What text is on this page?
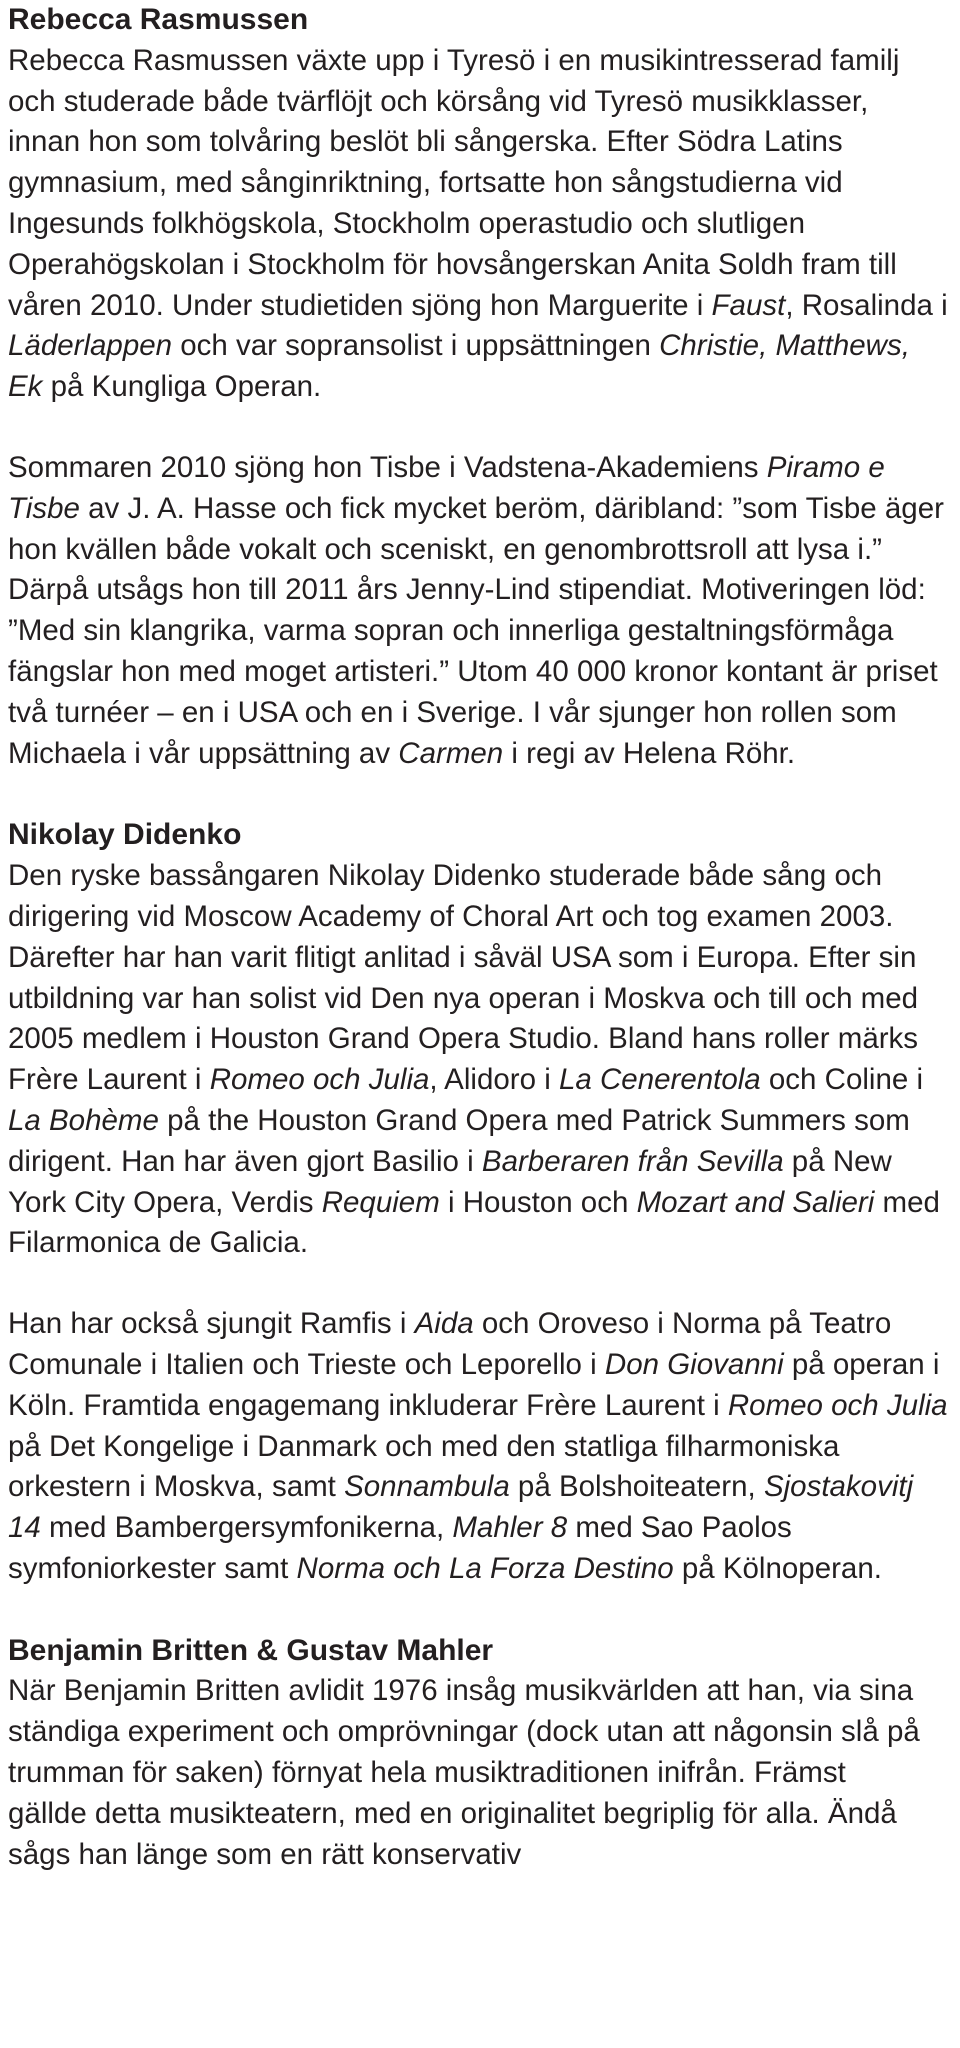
Rebecca Rasmussen

Rebecca Rasmussen växte upp i Tyresö i en musikintresserad familj och studerade både tvärflöjt och körsång vid Tyresö musikklasser, innan hon som tolvåring beslöt bli sångerska. Efter Södra Latins gymnasium, med sånginriktning, fortsatte hon sångstudierna vid Ingesunds folkhögskola, Stockholm operastudio och slutligen Operahögskolan i Stockholm för hovsångerskan Anita Soldh fram till våren 2010. Under studietiden sjöng hon Marguerite i Faust, Rosalinda i Läderlappen och var sopransolist i uppsättningen Christie, Matthews, Ek på Kungliga Operan.

Sommaren 2010 sjöng hon Tisbe i Vadstena-Akademiens Piramo e Tisbe av J. A. Hasse och fick mycket beröm, däribland: ”som Tisbe äger hon kvällen både vokalt och sceniskt, en genombrottsroll att lysa i.” Därpå utsågs hon till 2011 års Jenny-Lind stipendiat. Motiveringen löd: ”Med sin klangrika, varma sopran och innerliga gestaltningsförmåga fängslar hon med moget artisteri.” Utom 40 000 kronor kontant är priset två turnéer – en i USA och en i Sverige. I vår sjunger hon rollen som Michaela i vår uppsättning av Carmen i regi av Helena Röhr.

Nikolay Didenko

Den ryske bassångaren Nikolay Didenko studerade både sång och dirigering vid Moscow Academy of Choral Art och tog examen 2003. Därefter har han varit flitigt anlitad i såväl USA som i Europa. Efter sin utbildning var han solist vid Den nya operan i Moskva och till och med 2005 medlem i Houston Grand Opera Studio. Bland hans roller märks Frère Laurent i Romeo och Julia, Alidoro i La Cenerentola och Coline i La Bohème på the Houston Grand Opera med Patrick Summers som dirigent. Han har även gjort Basilio i Barberaren från Sevilla på New York City Opera, Verdis Requiem i Houston och Mozart and Salieri med Filarmonica de Galicia.

Han har också sjungit Ramfis i Aida och Oroveso i Norma på Teatro Comunale i Italien och Trieste och Leporello i Don Giovanni på operan i Köln. Framtida engagemang inkluderar Frère Laurent i Romeo och Julia på Det Kongelige i Danmark och med den statliga filharmoniska orkestern i Moskva, samt Sonnambula på Bolshoiteatern, Sjostakovitj 14 med Bambergersymfonikerna, Mahler 8 med Sao Paolos symfoniorkester samt Norma och La Forza Destino på Kölnoperan.

Benjamin Britten & Gustav Mahler

När Benjamin Britten avlidit 1976 insåg musikvärlden att han, via sina ständiga experiment och omprövningar (dock utan att någonsin slå på trumman för saken) förnyat hela musiktraditionen inifrån. Främst gällde detta musikteatern, med en originalitet begriplig för alla. Ändå sågs han länge som en rätt konservativ
